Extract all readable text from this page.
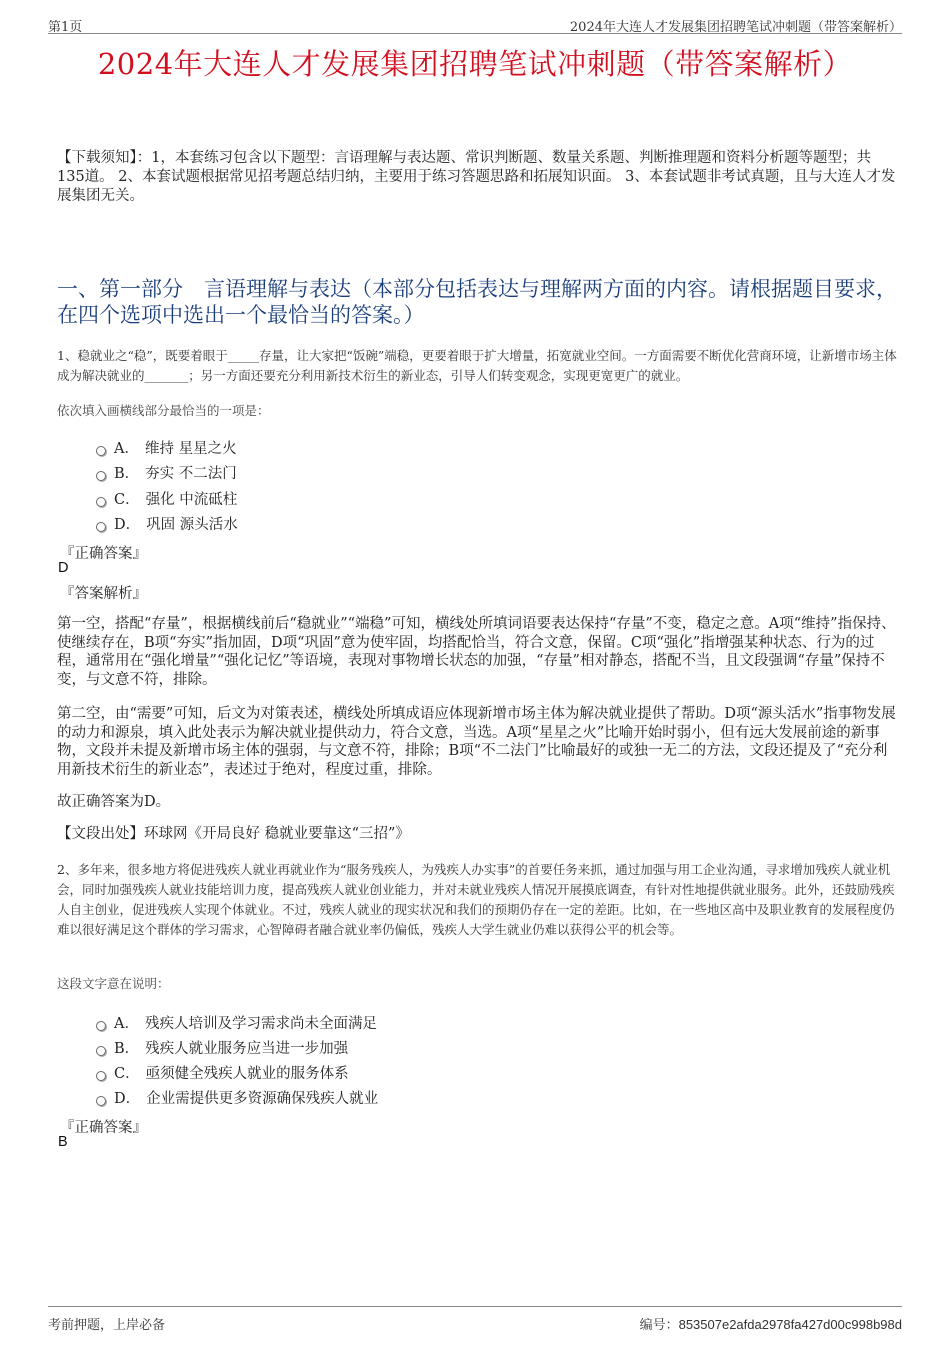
第1页	2024年大连人才发展集团招聘笔试冲刺题（带答案解析）
2024年大连人才发展集团招聘笔试冲刺题（带答案解析）
【下载须知】：1，本套练习包含以下题型：言语理解与表达题、常识判断题、数量关系题、判断推理题和资料分析题等题型；共135道。 2、本套试题根据常见招考题总结归纳，主要用于练习答题思路和拓展知识面。 3、本套试题非考试真题，且与大连人才发展集团无关。
一、第一部分　言语理解与表达（本部分包括表达与理解两方面的内容。请根据题目要求，在四个选项中选出一个最恰当的答案。）
1、稳就业之“稳”，既要着眼于_____存量，让大家把“饭碗”端稳，更要着眼于扩大增量，拓宽就业空间。一方面需要不断优化营商环境，让新增市场主体成为解决就业的_______；另一方面还要充分利用新技术衍生的新业态，引导人们转变观念，实现更宽更广的就业。
依次填入画横线部分最恰当的一项是：
A． 维持 星星之火
B． 夯实 不二法门
C． 强化 中流砥柱
D． 巩固 源头活水
『正确答案』
D
『答案解析』
第一空，搭配“存量”，根据横线前后“稳就业”“端稳”可知，横线处所填词语要表达保持“存量”不变，稳定之意。A项“维持”指保持、使继续存在，B项“夯实”指加固，D项“巩固”意为使牢固，均搭配恰当，符合文意，保留。C项“强化”指增强某种状态、行为的过程，通常用在“强化增量”“强化记忆”等语境，表现对事物增长状态的加强，“存量”相对静态，搭配不当，且文段强调“存量”保持不变，与文意不符，排除。
第二空，由“需要”可知，后文为对策表述，横线处所填成语应体现新增市场主体为解决就业提供了帮助。D项“源头活水”指事物发展的动力和源泉，填入此处表示为解决就业提供动力，符合文意，当选。A项“星星之火”比喻开始时弱小，但有远大发展前途的新事物，文段并未提及新增市场主体的强弱，与文意不符，排除；B项“不二法门”比喻最好的或独一无二的方法，文段还提及了“充分利用新技术衍生的新业态”，表述过于绝对，程度过重，排除。
故正确答案为D。
【文段出处】环球网《开局良好 稳就业要靠这“三招”》
2、多年来，很多地方将促进残疾人就业再就业作为“服务残疾人，为残疾人办实事”的首要任务来抓，通过加强与用工企业沟通，寻求增加残疾人就业机会，同时加强残疾人就业技能培训力度，提高残疾人就业创业能力，并对未就业残疾人情况开展摸底调查，有针对性地提供就业服务。此外，还鼓励残疾人自主创业，促进残疾人实现个体就业。不过，残疾人就业的现实状况和我们的预期仍存在一定的差距。比如，在一些地区高中及职业教育的发展程度仍难以很好满足这个群体的学习需求，心智障碍者融合就业率仍偏低，残疾人大学生就业仍难以获得公平的机会等。
这段文字意在说明：
A． 残疾人培训及学习需求尚未全面满足
B． 残疾人就业服务应当进一步加强
C． 亟须健全残疾人就业的服务体系
D． 企业需提供更多资源确保残疾人就业
『正确答案』
B
考前押题，上岸必备	编号：853507e2afda2978fa427d00c998b98d
